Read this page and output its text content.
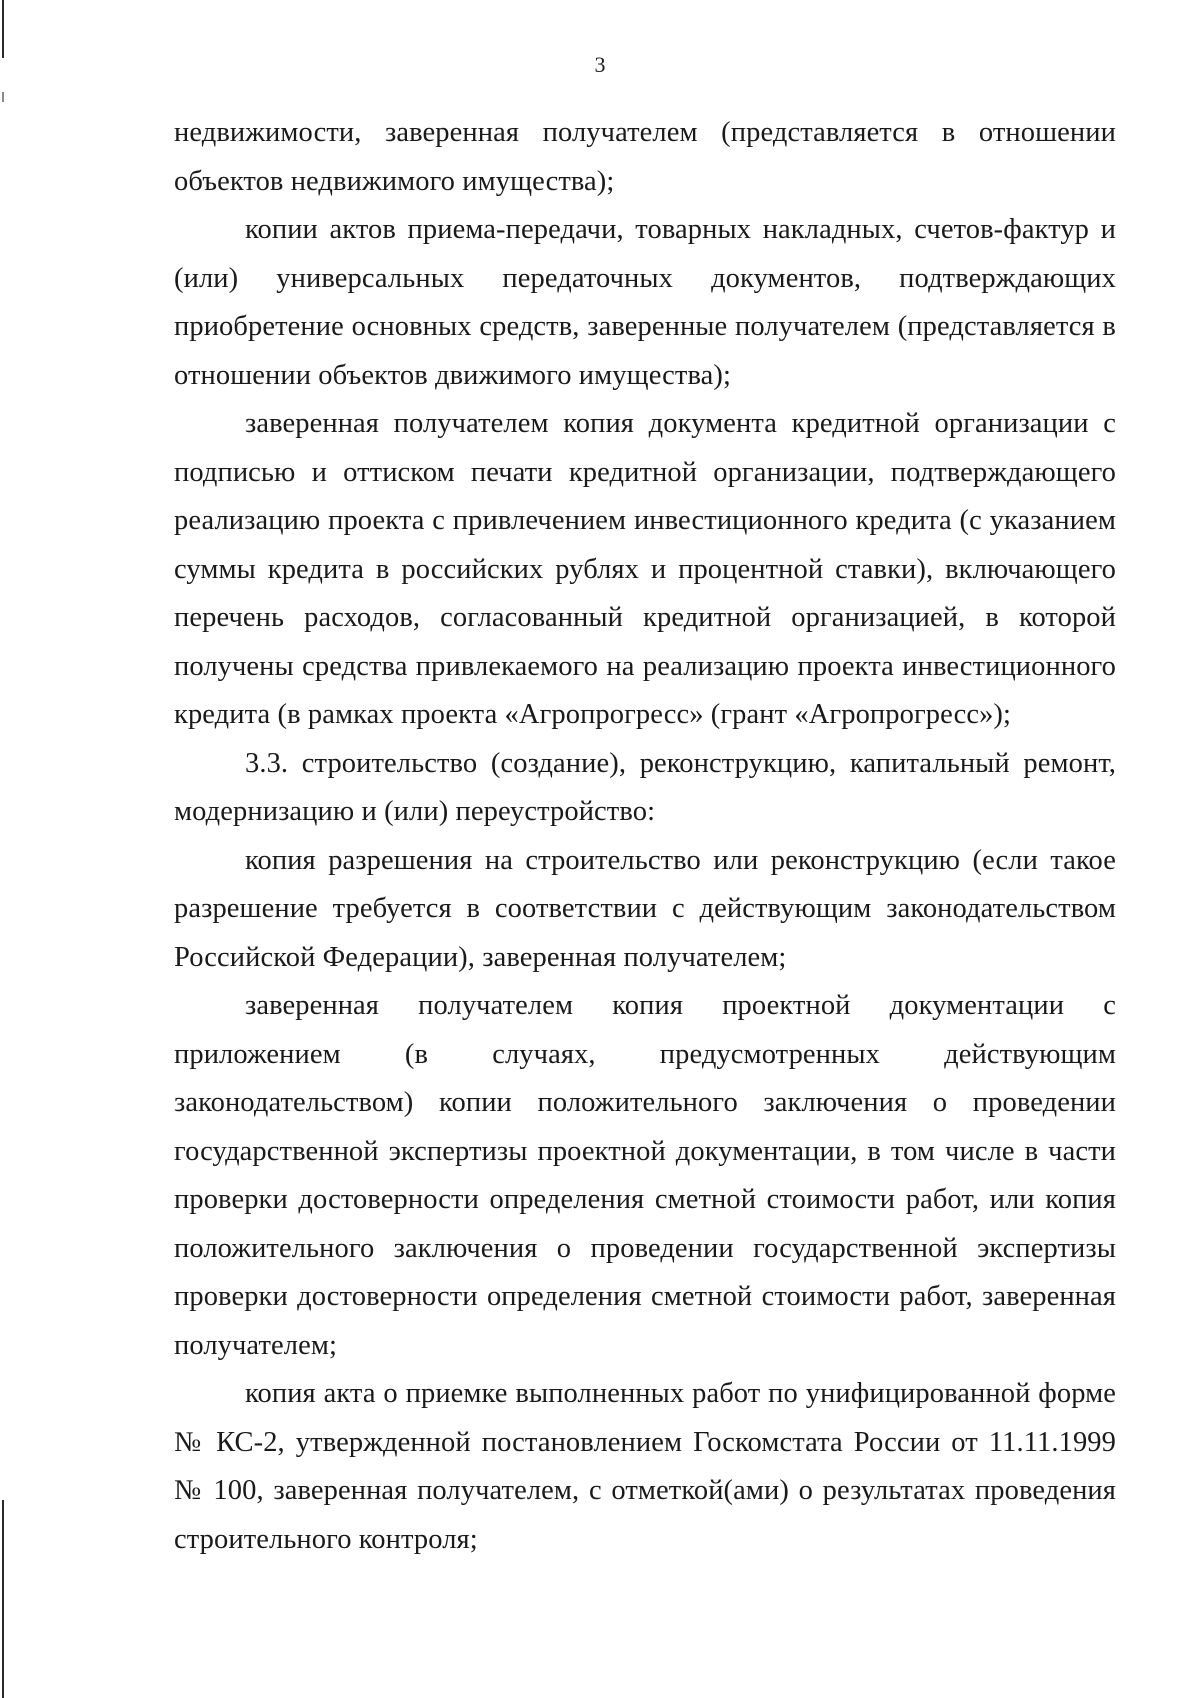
3

недвижимости, заверенная получателем (представляется в отношении объектов недвижимого имущества);

копии актов приема-передачи, товарных накладных, счетов-фактур и (или) универсальных передаточных документов, подтверждающих приобретение основных средств, заверенные получателем (представляется в отношении объектов движимого имущества);

заверенная получателем копия документа кредитной организации с подписью и оттиском печати кредитной организации, подтверждающего реализацию проекта с привлечением инвестиционного кредита (с указанием суммы кредита в российских рублях и процентной ставки), включающего перечень расходов, согласованный кредитной организацией, в которой получены средства привлекаемого на реализацию проекта инвестиционного кредита (в рамках проекта «Агропрогресс» (грант «Агропрогресс»);

3.3. строительство (создание), реконструкцию, капитальный ремонт, модернизацию и (или) переустройство:

копия разрешения на строительство или реконструкцию (если такое разрешение требуется в соответствии с действующим законодательством Российской Федерации), заверенная получателем;

заверенная получателем копия проектной документации с приложением (в случаях, предусмотренных действующим законодательством) копии положительного заключения о проведении государственной экспертизы проектной документации, в том числе в части проверки достоверности определения сметной стоимости работ, или копия положительного заключения о проведении государственной экспертизы проверки достоверности определения сметной стоимости работ, заверенная получателем;

копия акта о приемке выполненных работ по унифицированной форме № КС-2, утвержденной постановлением Госкомстата России от 11.11.1999 № 100, заверенная получателем, с отметкой(ами) о результатах проведения строительного контроля;
